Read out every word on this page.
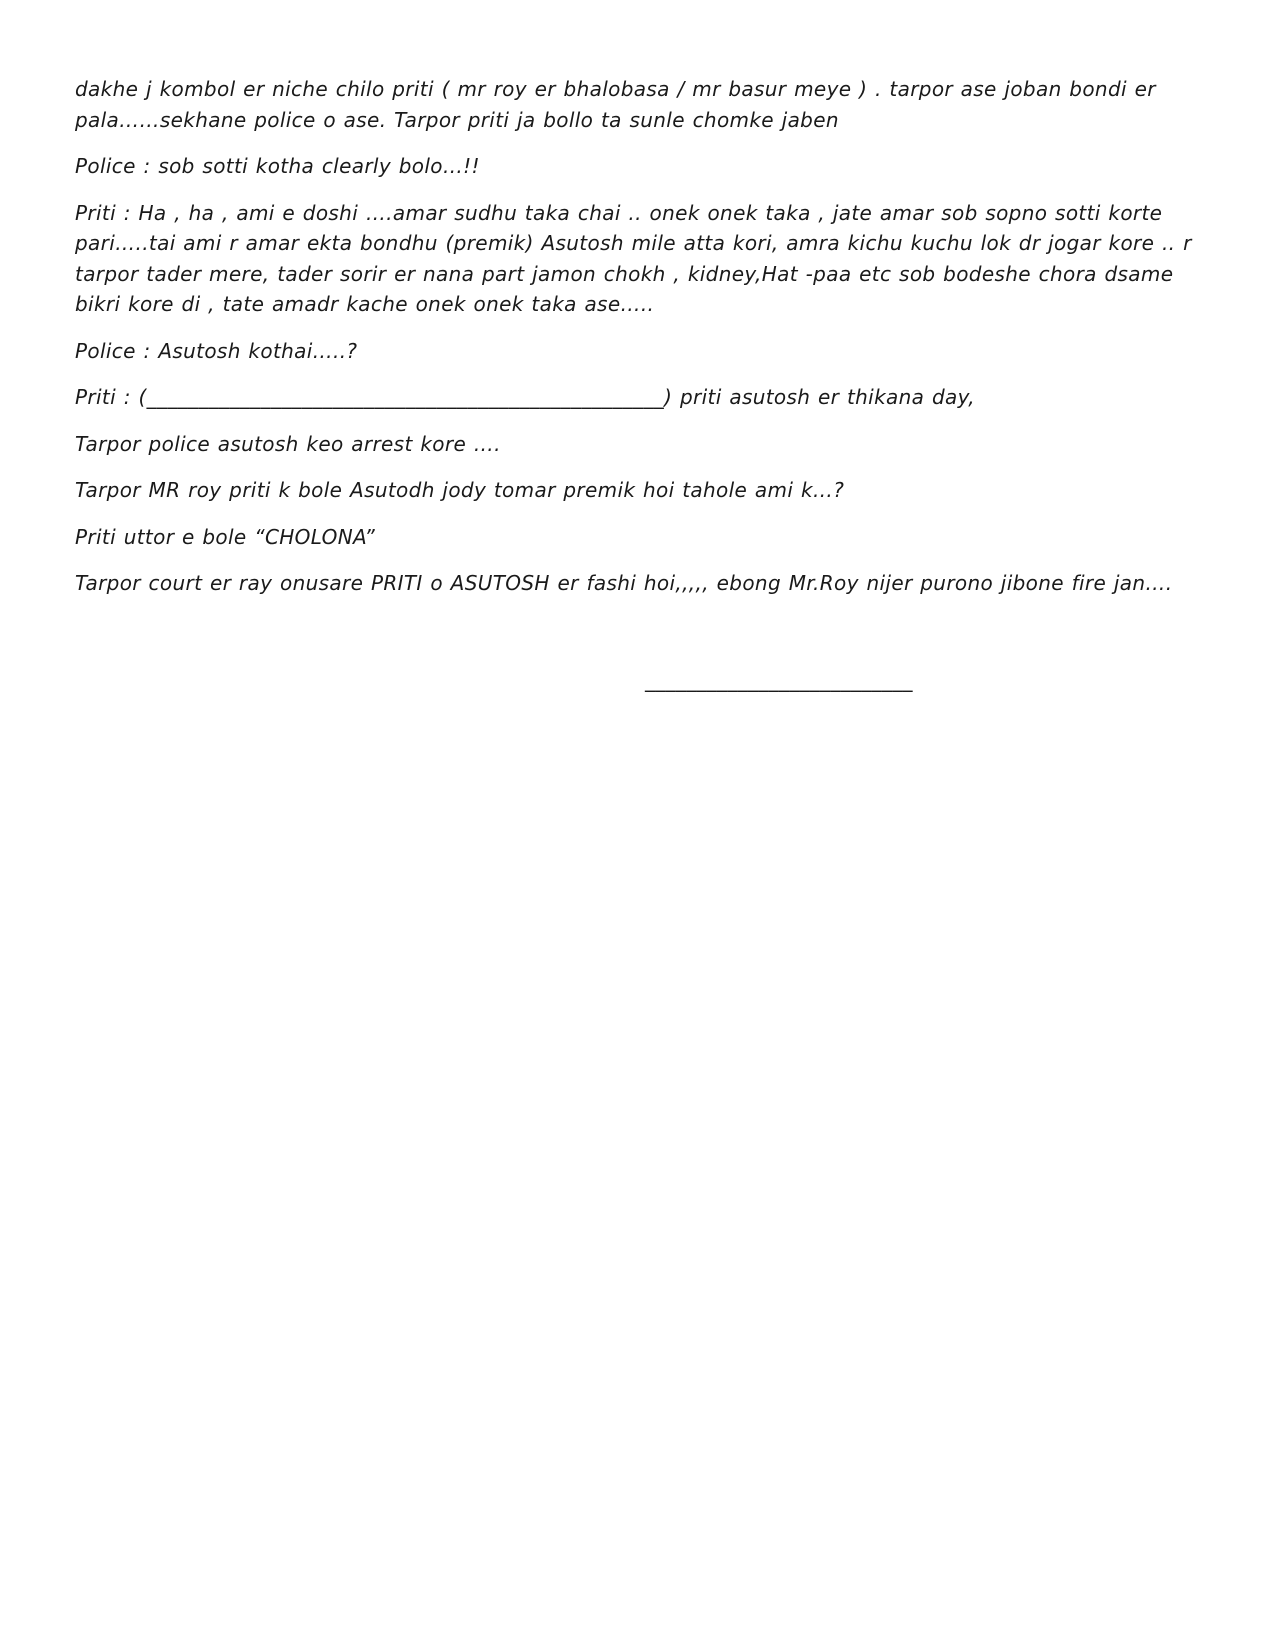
dakhe j kombol er niche chilo priti ( mr roy er bhalobasa / mr basur meye ) . tarpor ase joban bondi er pala……sekhane police o ase. Tarpor priti ja bollo ta sunle chomke jaben

Police : sob sotti kotha clearly bolo…!!

Priti : Ha , ha , ami e doshi ….amar sudhu taka chai .. onek onek taka , jate amar sob sopno sotti korte pari…..tai ami r amar ekta bondhu (premik) Asutosh mile atta kori, amra kichu kuchu lok dr jogar kore .. r tarpor tader mere, tader sorir er nana part jamon chokh , kidney,Hat -paa etc sob bodeshe chora dsame bikri kore di , tate amadr kache onek onek taka ase…..

Police : Asutosh kothai…..?

Priti : (__________________________________________________) priti asutosh er thikana day,

Tarpor police asutosh keo arrest kore ….

Tarpor MR roy priti k bole Asutodh jody tomar premik hoi tahole ami k…?

Priti uttor e bole “CHOLONA”

Tarpor court er ray onusare PRITI o ASUTOSH er fashi hoi,,,,, ebong Mr.Roy nijer purono jibone fire jan….

__________________________
